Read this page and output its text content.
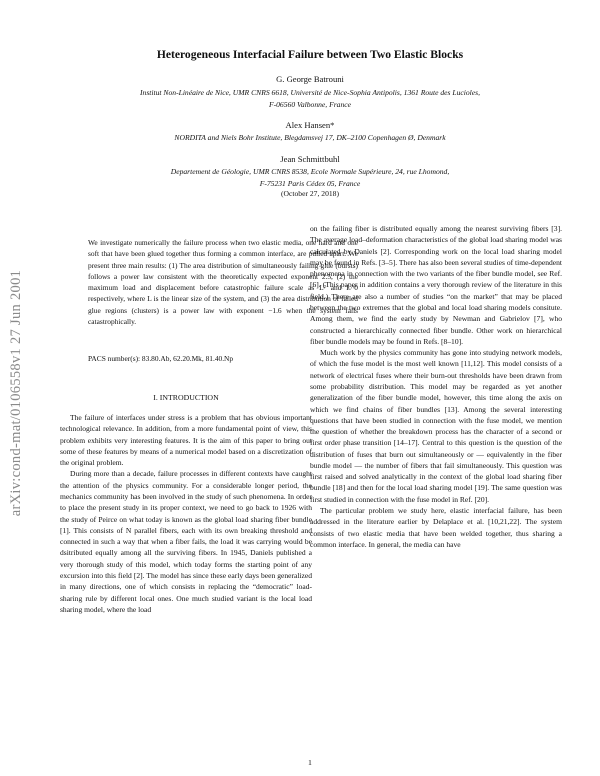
arXiv:cond-mat/0106558v1 27 Jun 2001
Heterogeneous Interfacial Failure between Two Elastic Blocks
G. George Batrouni
Institut Non-Linéaire de Nice, UMR CNRS 6618, Université de Nice-Sophia Antipolis, 1361 Route des Lucioles,
F-06560 Valbonne, France
Alex Hansen*
NORDITA and Niels Bohr Institute, Blegdamsvej 17, DK–2100 Copenhagen Ø, Denmark
Jean Schmittbuhl
Departement de Géologie, UMR CNRS 8538, Ecole Normale Supérieure, 24, rue Lhomond,
F-75231 Paris Cédex 05, France
(October 27, 2018)
We investigate numerically the failure process when two elastic media, one hard and one soft that have been glued together thus forming a common interface, are pulled apart. We present three main results: (1) The area distribution of simultaneously failing glue (bursts) follows a power law consistent with the theoretically expected exponent 2.5, (2) the maximum load and displacement before catastrophic failure scale as L² and L^0 respectively, where L is the linear size of the system, and (3) the area distribution of failed glue regions (clusters) is a power law with exponent −1.6 when the system fails catastrophically.
PACS number(s): 83.80.Ab, 62.20.Mk, 81.40.Np
I. INTRODUCTION

The failure of interfaces under stress is a problem that has obvious important technological relevance. In addition, from a more fundamental point of view, this problem exhibits very interesting features. It is the aim of this paper to bring out some of these features by means of a numerical model based on a discretization of the original problem.

During more than a decade, failure processes in different contexts have caught the attention of the physics community. For a considerable longer period, the mechanics community has been involved in the study of such phenomena. In order to place the present study in its proper context, we need to go back to 1926 with the study of Peirce on what today is known as the global load sharing fiber bundle [1]. This consists of N parallel fibers, each with its own breaking threshold and connected in such a way that when a fiber fails, the load it was carrying would be dsitributed equally among all the surviving fibers. In 1945, Daniels published a very thorough study of this model, which today forms the starting point of any excursion into this field [2]. The model has since these early days been generalized in many directions, one of which consists in replacing the “democratic” load-sharing rule by different local ones. One much studied variant is the local load sharing model, where the load

on the failing fiber is distributed equally among the nearest surviving fibers [3]. The average load–deformation characteristics of the global load sharing model was calculated by Daniels [2]. Corresponding work on the local load sharing model may be found in Refs. [3–5]. There has also been several studies of time-dependent phenomena in connection with the two variants of the fiber bundle model, see Ref. [6]. (This paper in addition contains a very thorough review of the literature in this field.) There are also a number of studies “on the market” that may be placed between the two extremes that the global and local load sharing models consitute. Among them, we find the early study by Newman and Gabrielov [7], who constructed a hierarchically connected fiber bundle. Other work on hierarchical fiber bundle models may be found in Refs. [8–10].

Much work by the physics community has gone into studying network models, of which the fuse model is the most well known [11,12]. This model consists of a network of electrical fuses where their burn-out thresholds have been drawn from some probability distribution. This model may be regarded as yet another generalization of the fiber bundle model, however, this time along the axis on which we find chains of fiber bundles [13]. Among the several interesting questions that have been studied in connection with the fuse model, we mention the question of whether the breakdown process has the character of a second or first order phase transition [14–17]. Central to this question is the question of the distribution of fuses that burn out simultaneously or — equivalently in the fiber bundle model — the number of fibers that fail simultaneously. This question was first raised and solved analytically in the context of the global load sharing fiber bundle [18] and then for the local load sharing model [19]. The same question was first studied in connection with the fuse model in Ref. [20].

The particular problem we study here, elastic interfacial failure, has been addressed in the literature earlier by Delaplace et al. [10,21,22]. The system consists of two elastic media that have been welded together, thus sharing a common interface. In general, the media can have

1
